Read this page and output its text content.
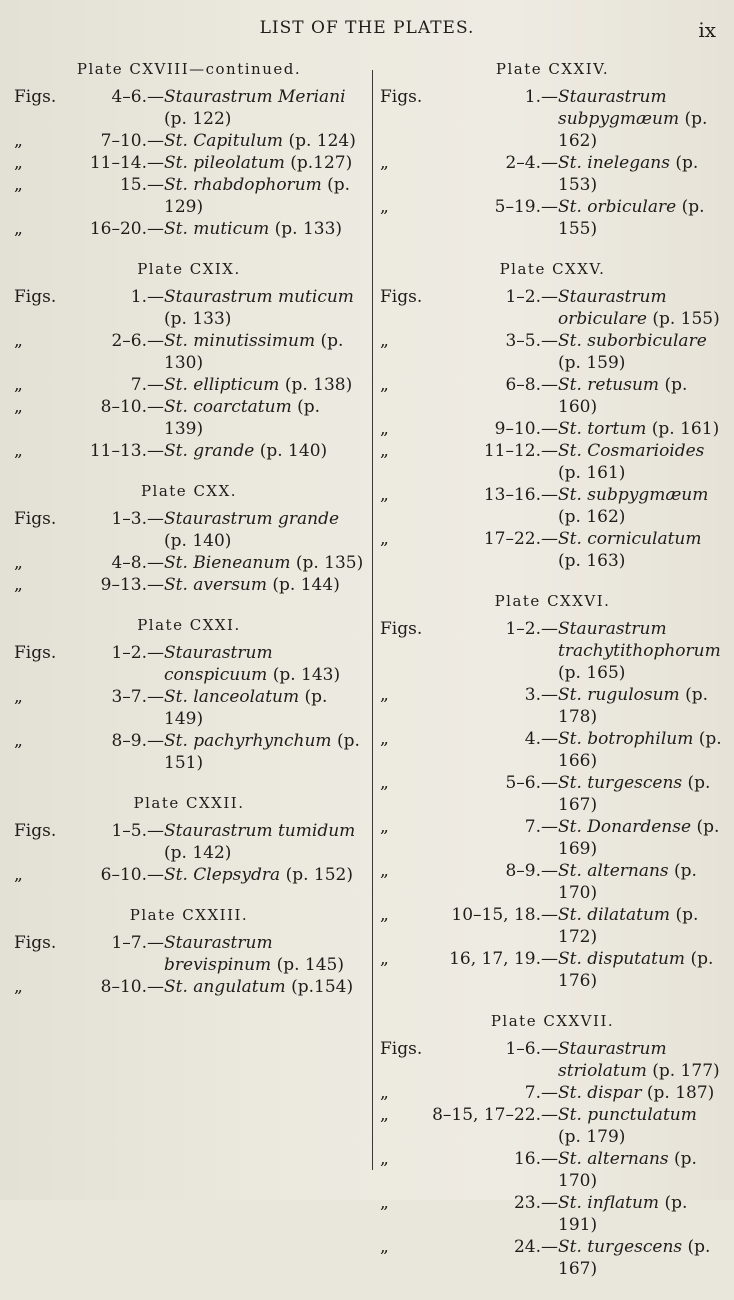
LIST OF THE PLATES.	ix
Plate CXVIII—continued.
Figs.	4–6.— Staurastrum Meriani (p. 122)
„	7–10.— St. Capitulum (p. 124)
„	11–14.— St. pileolatum (p.127)
„	15.— St. rhabdophorum (p. 129)
„	16–20.— St. muticum (p. 133)
Plate CXIX.
Figs.	1.— Staurastrum muticum (p. 133)
„	2–6.— St. minutissimum (p. 130)
„	7.— St. ellipticum (p. 138)
„	8–10.— St. coarctatum (p. 139)
„	11–13.— St. grande (p. 140)
Plate CXX.
Figs.	1–3.— Staurastrum grande (p. 140)
„	4–8.— St. Bieneanum (p. 135)
„	9–13.— St. aversum (p. 144)
Plate CXXI.
Figs.	1–2.— Staurastrum conspicuum (p. 143)
„	3–7.— St. lanceolatum (p. 149)
„	8–9.— St. pachyrhynchum (p. 151)
Plate CXXII.
Figs.	1–5.— Staurastrum tumidum (p. 142)
„	6–10.— St. Clepsydra (p. 152)
Plate CXXIII.
Figs.	1–7.— Staurastrum brevispinum (p. 145)
„	8–10.— St. angulatum (p.154)
Plate CXXIV.
Figs.	1.— Staurastrum subpygmæum (p. 162)
„	2–4.— St. inelegans (p. 153)
„	5–19.— St. orbiculare (p. 155)
Plate CXXV.
Figs.	1–2.— Staurastrum orbiculare (p. 155)
„	3–5.— St. suborbiculare (p. 159)
„	6–8.— St. retusum (p. 160)
„	9–10.— St. tortum (p. 161)
„	11–12.— St. Cosmarioides (p. 161)
„	13–16.— St. subpygmæum (p. 162)
„	17–22.— St. corniculatum (p. 163)
Plate CXXVI.
Figs.	1–2.— Staurastrum trachytithophorum (p. 165)
„	3.— St. rugulosum (p. 178)
„	4.— St. botrophilum (p. 166)
„	5–6.— St. turgescens (p. 167)
„	7.— St. Donardense (p. 169)
„	8–9.— St. alternans (p. 170)
„	10–15, 18.— St. dilatatum (p. 172)
„	16, 17, 19.— St. disputatum (p. 176)
Plate CXXVII.
Figs.	1–6.— Staurastrum striolatum (p. 177)
„	7.— St. dispar (p. 187)
„	8–15, 17–22.— St. punctulatum (p. 179)
„	16.— St. alternans (p. 170)
„	23.— St. inflatum (p. 191)
„	24.— St. turgescens (p. 167)
